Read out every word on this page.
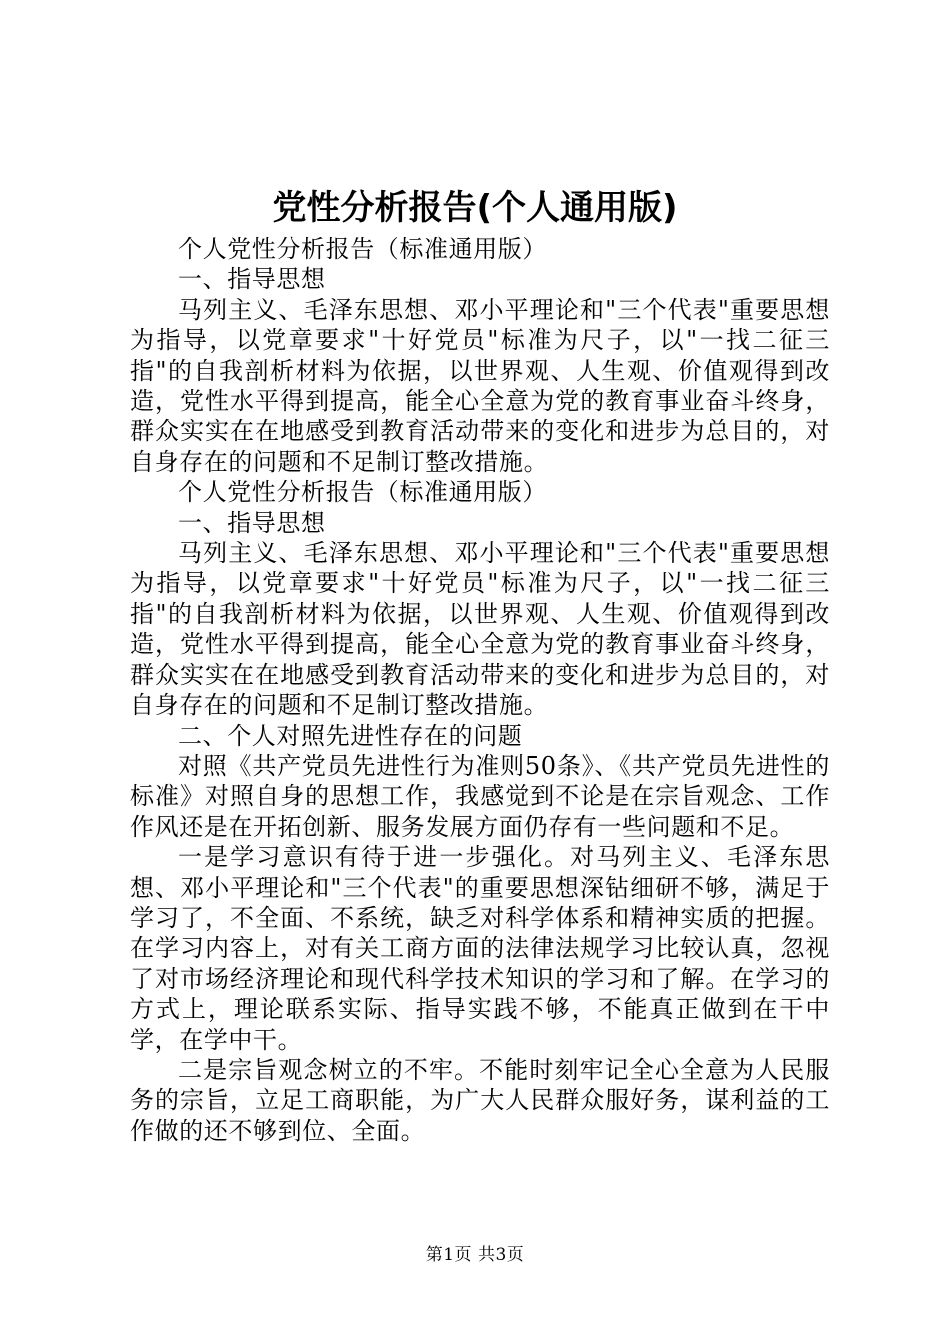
党性分析报告(个人通用版)

个人党性分析报告（标准通用版）

一、指导思想

马列主义、毛泽东思想、邓小平理论和"三个代表"重要思想为指导，以党章要求"十好党员"标准为尺子，以"一找二征三指"的自我剖析材料为依据，以世界观、人生观、价值观得到改造，党性水平得到提高，能全心全意为党的教育事业奋斗终身，群众实实在在地感受到教育活动带来的变化和进步为总目的，对自身存在的问题和不足制订整改措施。

个人党性分析报告（标准通用版）

一、指导思想

马列主义、毛泽东思想、邓小平理论和"三个代表"重要思想为指导，以党章要求"十好党员"标准为尺子，以"一找二征三指"的自我剖析材料为依据，以世界观、人生观、价值观得到改造，党性水平得到提高，能全心全意为党的教育事业奋斗终身，群众实实在在地感受到教育活动带来的变化和进步为总目的，对自身存在的问题和不足制订整改措施。

二、个人对照先进性存在的问题

对照《共产党员先进性行为准则50条》、《共产党员先进性的标准》对照自身的思想工作，我感觉到不论是在宗旨观念、工作作风还是在开拓创新、服务发展方面仍存有一些问题和不足。

一是学习意识有待于进一步强化。对马列主义、毛泽东思想、邓小平理论和"三个代表"的重要思想深钻细研不够，满足于学习了，不全面、不系统，缺乏对科学体系和精神实质的把握。在学习内容上，对有关工商方面的法律法规学习比较认真，忽视了对市场经济理论和现代科学技术知识的学习和了解。在学习的方式上，理论联系实际、指导实践不够，不能真正做到在干中学，在学中干。

二是宗旨观念树立的不牢。不能时刻牢记全心全意为人民服务的宗旨，立足工商职能，为广大人民群众服好务，谋利益的工作做的还不够到位、全面。

第1页 共3页
